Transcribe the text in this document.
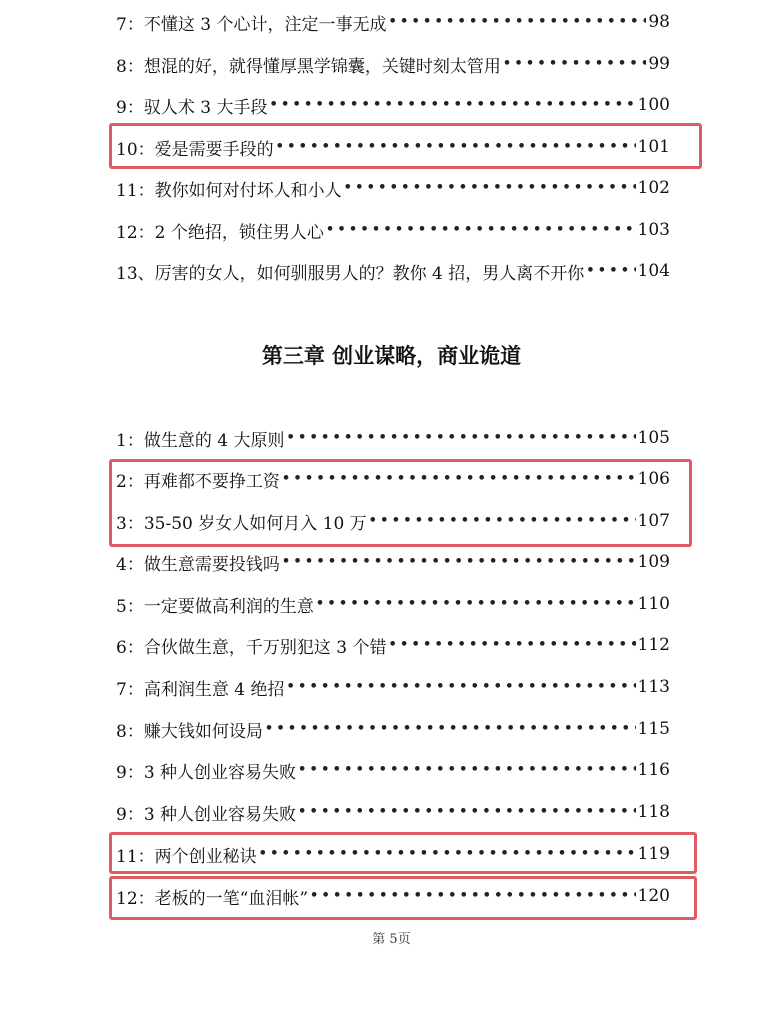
7：不懂这 3 个心计，注定一事无成 •••••	98
8：想混的好，就得懂厚黑学锦囊，关键时刻太管用 •••••	99
9：驭人术 3 大手段 •••••	100
10：爱是需要手段的 •••••	101
11：教你如何对付坏人和小人 •••••	102
12：2 个绝招，锁住男人心 •••••	103
13、厉害的女人，如何驯服男人的？教你 4 招，男人离不开你 •••••	104
第三章 创业谋略，商业诡道
1：做生意的 4 大原则 •••••	105
2：再难都不要挣工资 •••••	106
3：35-50 岁女人如何月入 10 万 •••••	107
4：做生意需要投钱吗 •••••	109
5：一定要做高利润的生意 •••••	110
6：合伙做生意，千万别犯这 3 个错 •••••	112
7：高利润生意 4 绝招 •••••	113
8：赚大钱如何设局 •••••	115
9：3 种人创业容易失败 •••••	116
9：3 种人创业容易失败 •••••	118
11：两个创业秘诀 •••••	119
12：老板的一笔“血泪帐” •••••	120
第 5页
